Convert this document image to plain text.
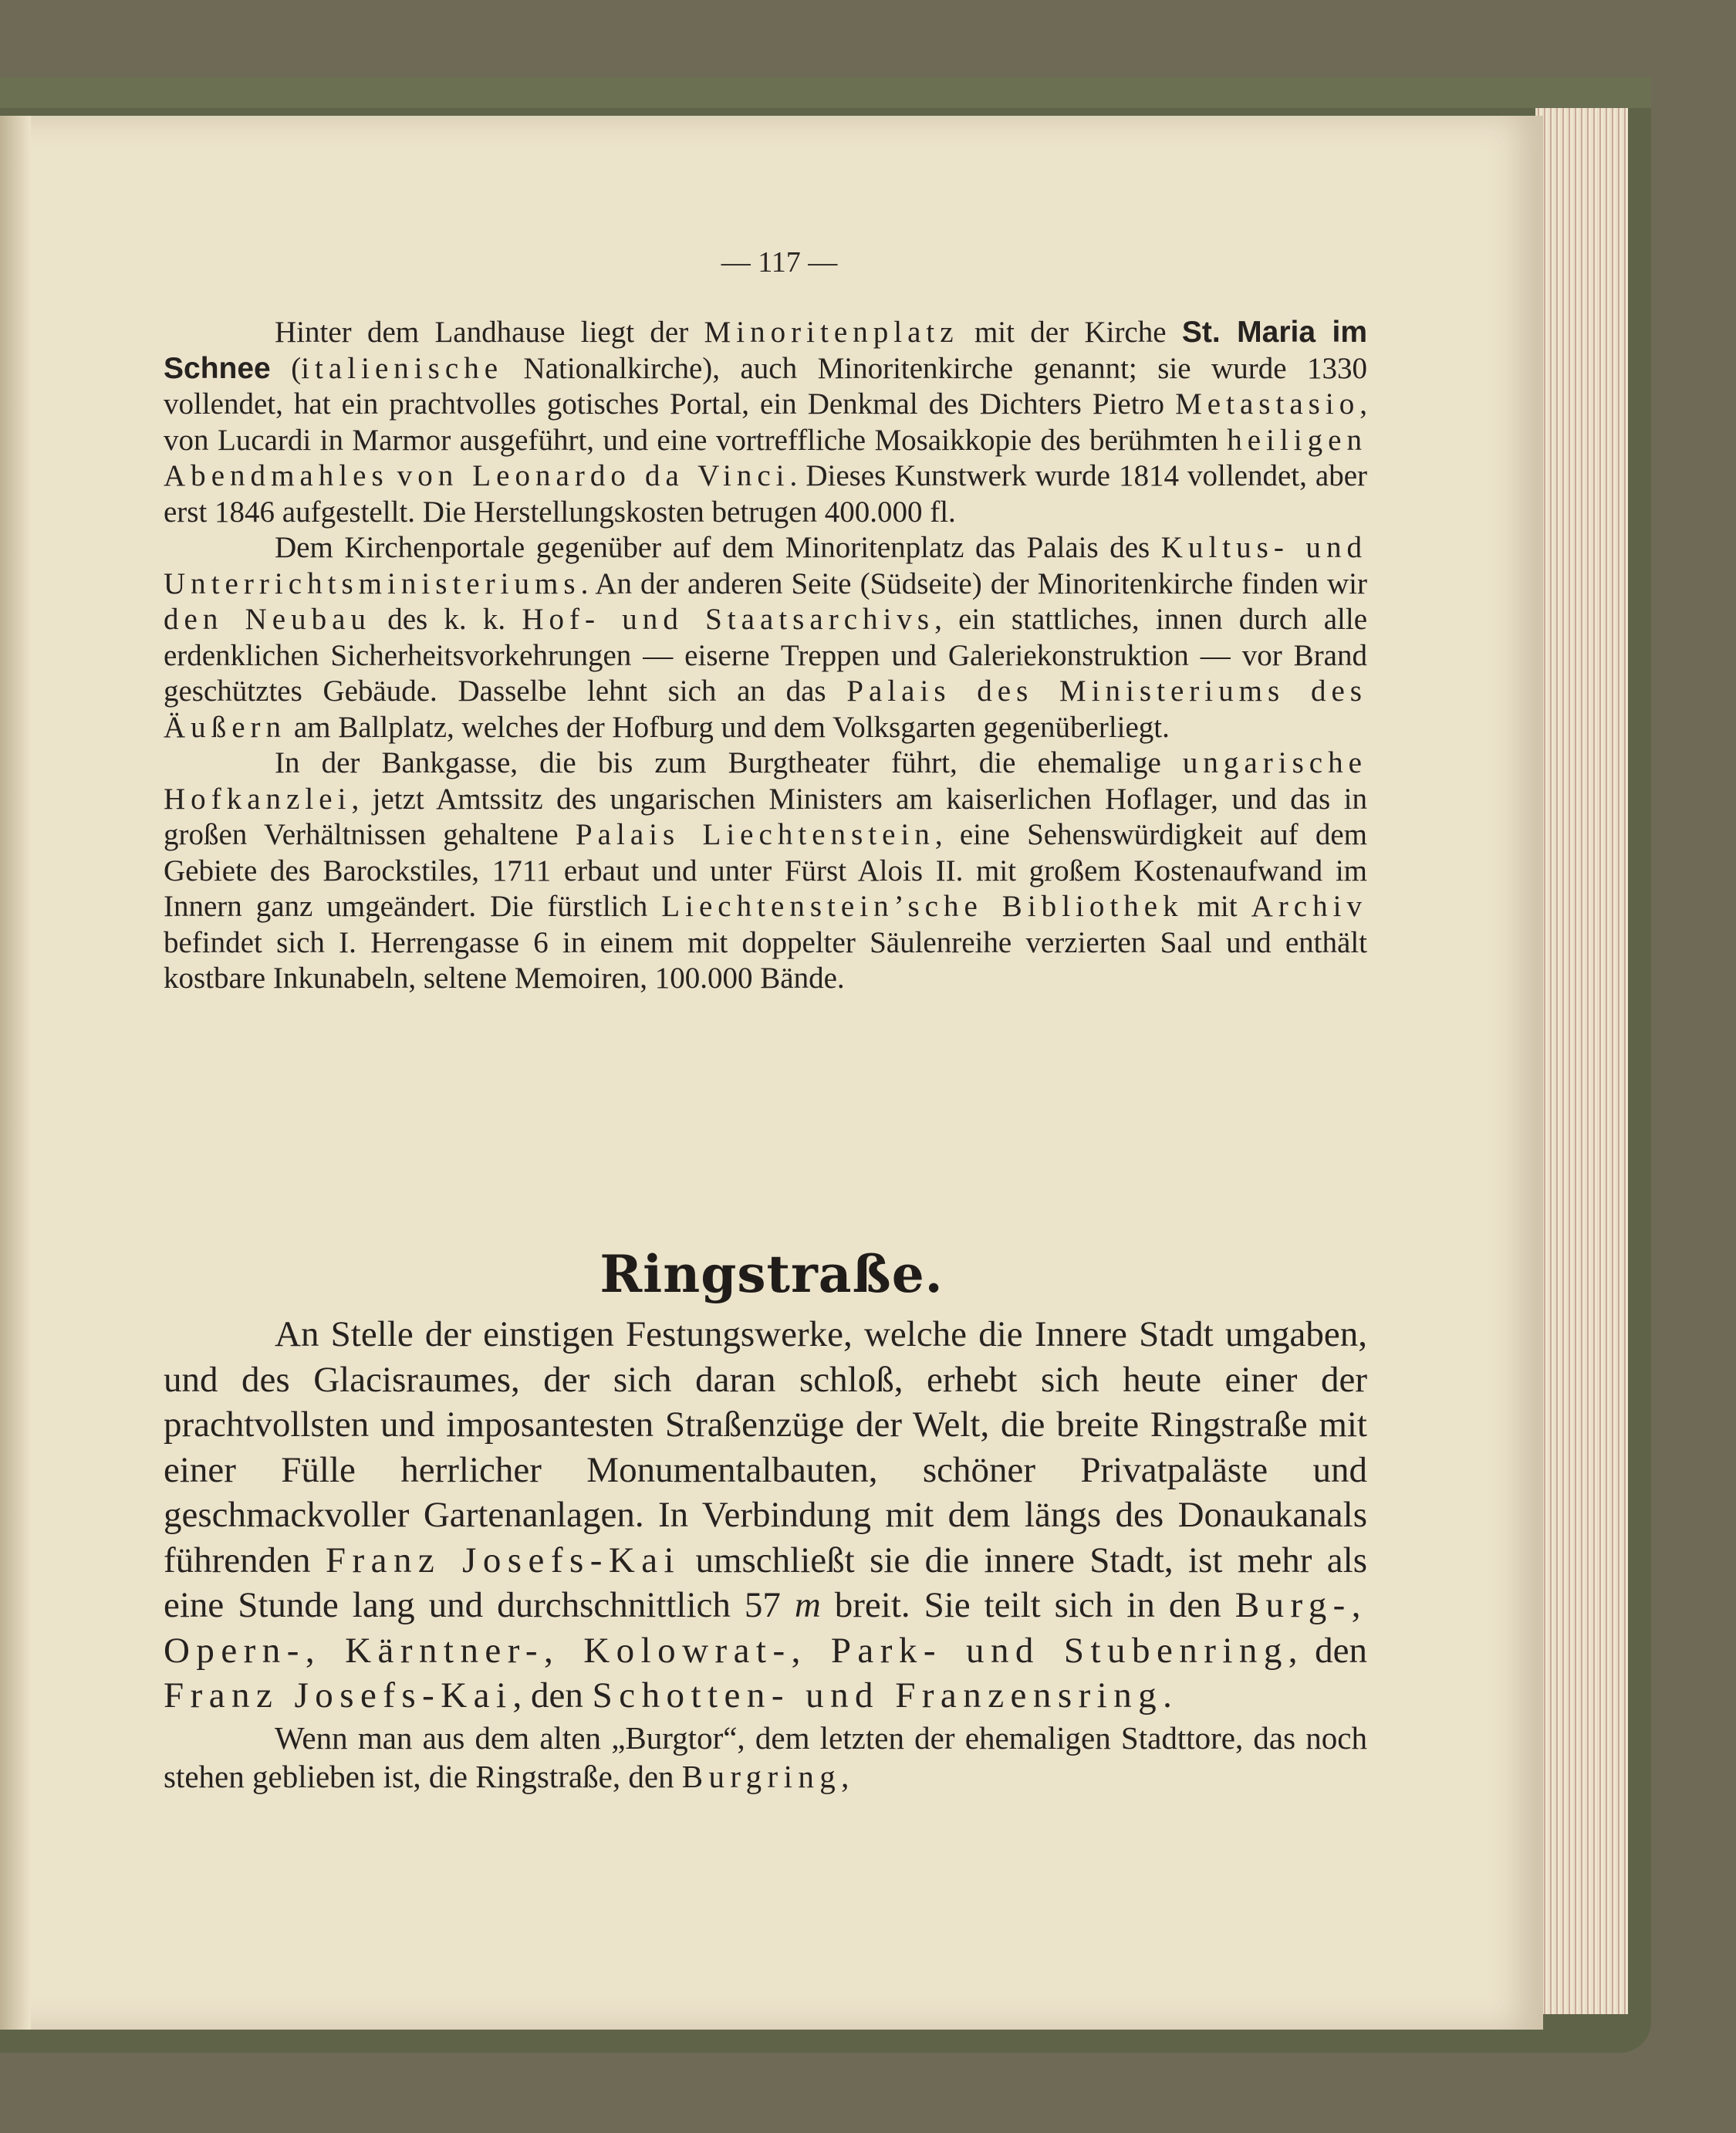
— 117 —

Hinter dem Landhause liegt der Minoritenplatz mit der Kirche St. Maria im Schnee (italienische Nationalkirche), auch Minoritenkirche genannt; sie wurde 1330 vollendet, hat ein prachtvolles gotisches Portal, ein Denkmal des Dichters Pietro Metastasio, von Lucardi in Marmor ausgeführt, und eine vortreffliche Mosaikkopie des berühmten heiligen Abendmahles von Leonardo da Vinci. Dieses Kunstwerk wurde 1814 vollendet, aber erst 1846 aufgestellt. Die Herstellungskosten betrugen 400.000 fl.

Dem Kirchenportale gegenüber auf dem Minoritenplatz das Palais des Kultus- und Unterrichtsministeriums. An der anderen Seite (Südseite) der Minoritenkirche finden wir den Neubau des k. k. Hof- und Staatsarchivs, ein stattliches, innen durch alle erdenklichen Sicherheitsvorkehrungen — eiserne Treppen und Galeriekonstruktion — vor Brand geschütztes Gebäude. Dasselbe lehnt sich an das Palais des Ministeriums des Äußern am Ballplatz, welches der Hofburg und dem Volksgarten gegenüberliegt.

In der Bankgasse, die bis zum Burgtheater führt, die ehemalige ungarische Hofkanzlei, jetzt Amtssitz des ungarischen Ministers am kaiserlichen Hoflager, und das in großen Verhältnissen gehaltene Palais Liechtenstein, eine Sehenswürdigkeit auf dem Gebiete des Barockstiles, 1711 erbaut und unter Fürst Alois II. mit großem Kostenaufwand im Innern ganz umgeändert. Die fürstlich Liechtenstein’sche Bibliothek mit Archiv befindet sich I. Herrengasse 6 in einem mit doppelter Säulenreihe verzierten Saal und enthält kostbare Inkunabeln, seltene Memoiren, 100.000 Bände.

Ringstraße.

An Stelle der einstigen Festungswerke, welche die Innere Stadt umgaben, und des Glacisraumes, der sich daran schloß, erhebt sich heute einer der prachtvollsten und imposantesten Straßenzüge der Welt, die breite Ringstraße mit einer Fülle herrlicher Monumentalbauten, schöner Privatpaläste und geschmackvoller Gartenanlagen. In Verbindung mit dem längs des Donaukanals führenden Franz Josefs-Kai umschließt sie die innere Stadt, ist mehr als eine Stunde lang und durchschnittlich 57 m breit. Sie teilt sich in den Burg-, Opern-, Kärntner-, Kolowrat-, Park- und Stubenring, den Franz Josefs-Kai, den Schotten- und Franzensring.

Wenn man aus dem alten „Burgtor“, dem letzten der ehemaligen Stadttore, das noch stehen geblieben ist, die Ringstraße, den Burgring,
